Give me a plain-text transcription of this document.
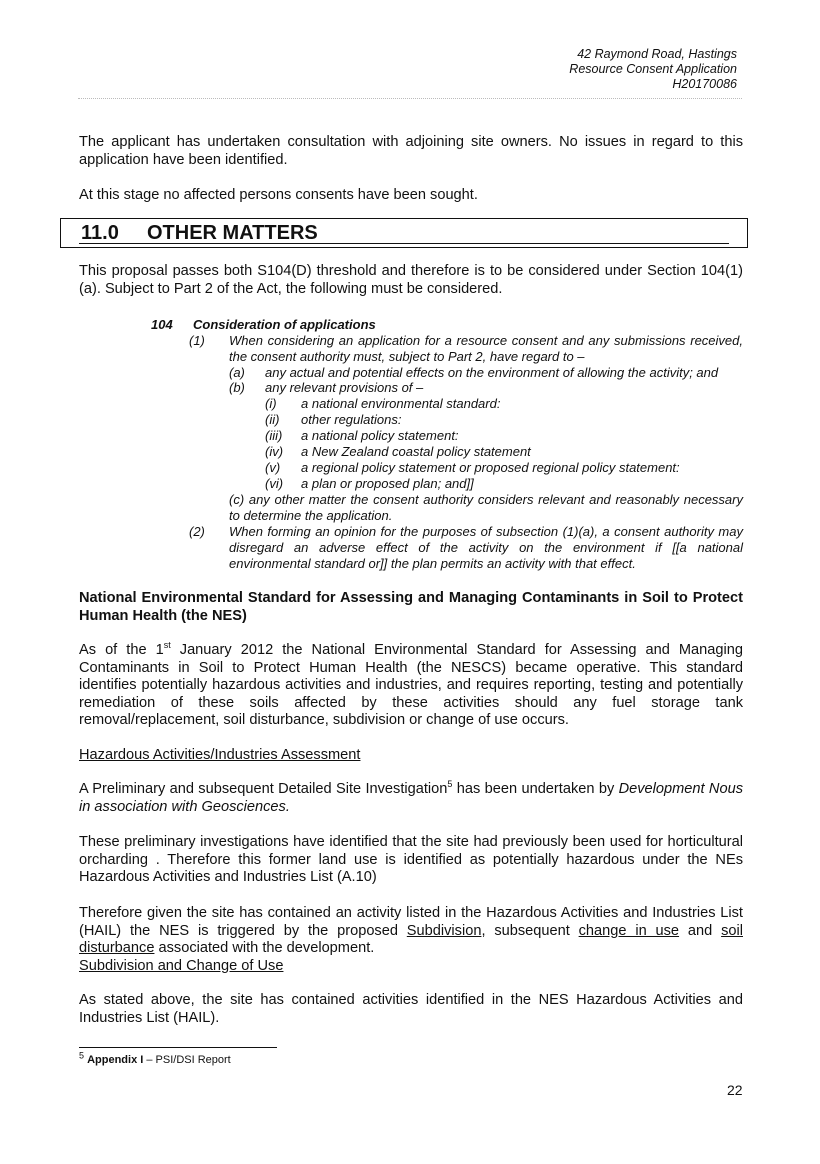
42 Raymond Road, Hastings
Resource Consent Application
H20170086

The applicant has undertaken consultation with adjoining site owners. No issues in regard to this application have been identified.

At this stage no affected persons consents have been sought.

11.0 OTHER MATTERS

This proposal passes both S104(D) threshold and therefore is to be considered under Section 104(1)(a). Subject to Part 2 of the Act, the following must be considered.

104 Consideration of applications
(1) When considering an application for a resource consent and any submissions received, the consent authority must, subject to Part 2, have regard to –

(a) any actual and potential effects on the environment of allowing the activity; and
(b) any relevant provisions of –
(i) a national environmental standard:
(ii) other regulations:
(iii) a national policy statement:
(iv) a New Zealand coastal policy statement
(v) a regional policy statement or proposed regional policy statement:
(vi) a plan or proposed plan; and]]

(c) any other matter the consent authority considers relevant and reasonably necessary to determine the application.

(2) When forming an opinion for the purposes of subsection (1)(a), a consent authority may disregard an adverse effect of the activity on the environment if [[a national environmental standard or]] the plan permits an activity with that effect.

National Environmental Standard for Assessing and Managing Contaminants in Soil to Protect Human Health (the NES)

As of the 1st January 2012 the National Environmental Standard for Assessing and Managing Contaminants in Soil to Protect Human Health (the NESCS) became operative. This standard identifies potentially hazardous activities and industries, and requires reporting, testing and potentially remediation of these soils affected by these activities should any fuel storage tank removal/replacement, soil disturbance, subdivision or change of use occurs.

Hazardous Activities/Industries Assessment

A Preliminary and subsequent Detailed Site Investigation$^5$ has been undertaken by Development Nous in association with Geosciences.

These preliminary investigations have identified that the site had previously been used for horticultural orcharding . Therefore this former land use is identified as potentially hazardous under the NEs Hazardous Activities and Industries List (A.10)

Therefore given the site has contained an activity listed in the Hazardous Activities and Industries List (HAIL) the NES is triggered by the proposed Subdivision, subsequent change in use and soil disturbance associated with the development.

Subdivision and Change of Use

As stated above, the site has contained activities identified in the NES Hazardous Activities and Industries List (HAIL).

$^5$ Appendix I – PSI/DSI Report
22
